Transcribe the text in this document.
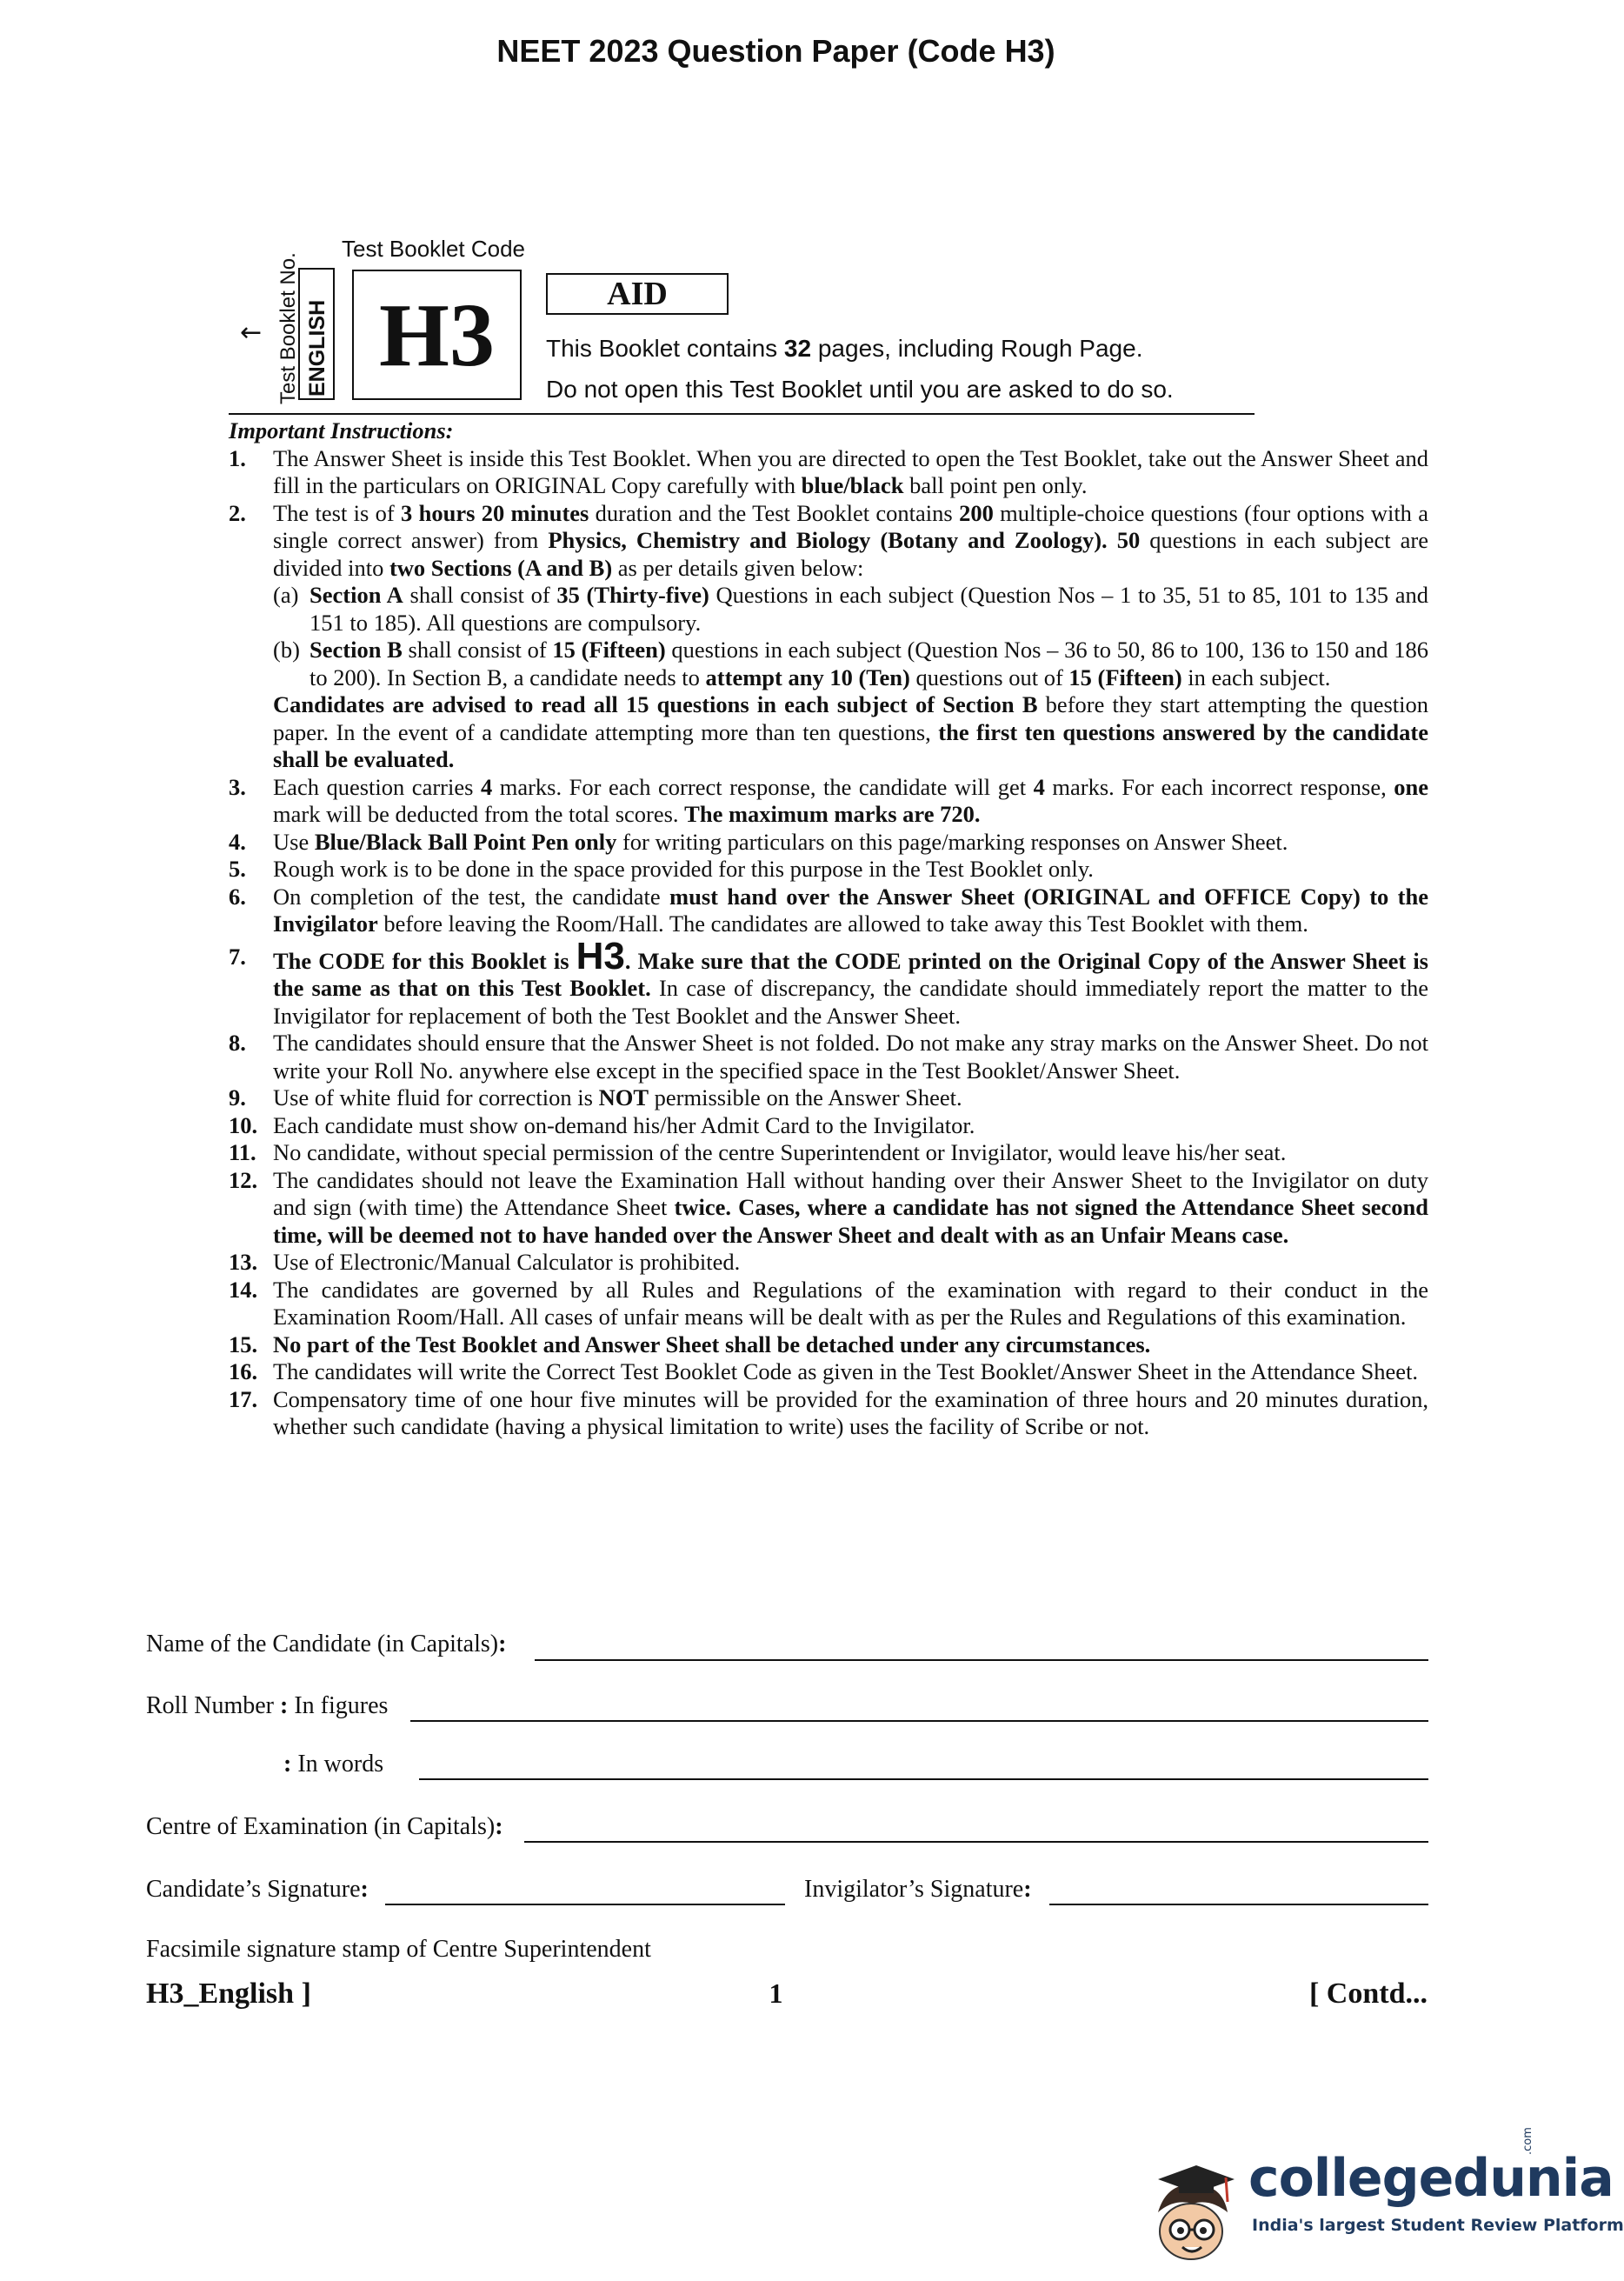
NEET 2023 Question Paper (Code H3)
← Test Booklet No. ENGLISH
Test Booklet Code
H3	AID
This Booklet contains 32 pages, including Rough Page.
Do not open this Test Booklet until you are asked to do so.
Important Instructions:
1.	The Answer Sheet is inside this Test Booklet. When you are directed to open the Test Booklet, take out the Answer Sheet and fill in the particulars on ORIGINAL Copy carefully with blue/black ball point pen only.
2.	The test is of 3 hours 20 minutes duration and the Test Booklet contains 200 multiple-choice questions (four options with a single correct answer) from Physics, Chemistry and Biology (Botany and Zoology). 50 questions in each subject are divided into two Sections (A and B) as per details given below:
(a) Section A shall consist of 35 (Thirty-five) Questions in each subject (Question Nos – 1 to 35, 51 to 85, 101 to 135 and 151 to 185). All questions are compulsory.
(b) Section B shall consist of 15 (Fifteen) questions in each subject (Question Nos – 36 to 50, 86 to 100, 136 to 150 and 186 to 200). In Section B, a candidate needs to attempt any 10 (Ten) questions out of 15 (Fifteen) in each subject.
Candidates are advised to read all 15 questions in each subject of Section B before they start attempting the question paper. In the event of a candidate attempting more than ten questions, the first ten questions answered by the candidate shall be evaluated.
3.	Each question carries 4 marks. For each correct response, the candidate will get 4 marks. For each incorrect response, one mark will be deducted from the total scores. The maximum marks are 720.
4.	Use Blue/Black Ball Point Pen only for writing particulars on this page/marking responses on Answer Sheet.
5.	Rough work is to be done in the space provided for this purpose in the Test Booklet only.
6.	On completion of the test, the candidate must hand over the Answer Sheet (ORIGINAL and OFFICE Copy) to the Invigilator before leaving the Room/Hall. The candidates are allowed to take away this Test Booklet with them.
7.	The CODE for this Booklet is H3. Make sure that the CODE printed on the Original Copy of the Answer Sheet is the same as that on this Test Booklet. In case of discrepancy, the candidate should immediately report the matter to the Invigilator for replacement of both the Test Booklet and the Answer Sheet.
8.	The candidates should ensure that the Answer Sheet is not folded. Do not make any stray marks on the Answer Sheet. Do not write your Roll No. anywhere else except in the specified space in the Test Booklet/Answer Sheet.
9.	Use of white fluid for correction is NOT permissible on the Answer Sheet.
10. Each candidate must show on-demand his/her Admit Card to the Invigilator.
11. No candidate, without special permission of the centre Superintendent or Invigilator, would leave his/her seat.
12. The candidates should not leave the Examination Hall without handing over their Answer Sheet to the Invigilator on duty and sign (with time) the Attendance Sheet twice. Cases, where a candidate has not signed the Attendance Sheet second time, will be deemed not to have handed over the Answer Sheet and dealt with as an Unfair Means case.
13. Use of Electronic/Manual Calculator is prohibited.
14. The candidates are governed by all Rules and Regulations of the examination with regard to their conduct in the Examination Room/Hall. All cases of unfair means will be dealt with as per the Rules and Regulations of this examination.
15. No part of the Test Booklet and Answer Sheet shall be detached under any circumstances.
16. The candidates will write the Correct Test Booklet Code as given in the Test Booklet/Answer Sheet in the Attendance Sheet.
17. Compensatory time of one hour five minutes will be provided for the examination of three hours and 20 minutes duration, whether such candidate (having a physical limitation to write) uses the facility of Scribe or not.
Name of the Candidate (in Capitals):
Roll Number : In figures
: In words
Centre of Examination (in Capitals):
Candidate’s Signature:	Invigilator’s Signature:
Facsimile signature stamp of Centre Superintendent
H3_English ]	1	[ Contd...
collegedunia
.com
India's largest Student Review Platform
